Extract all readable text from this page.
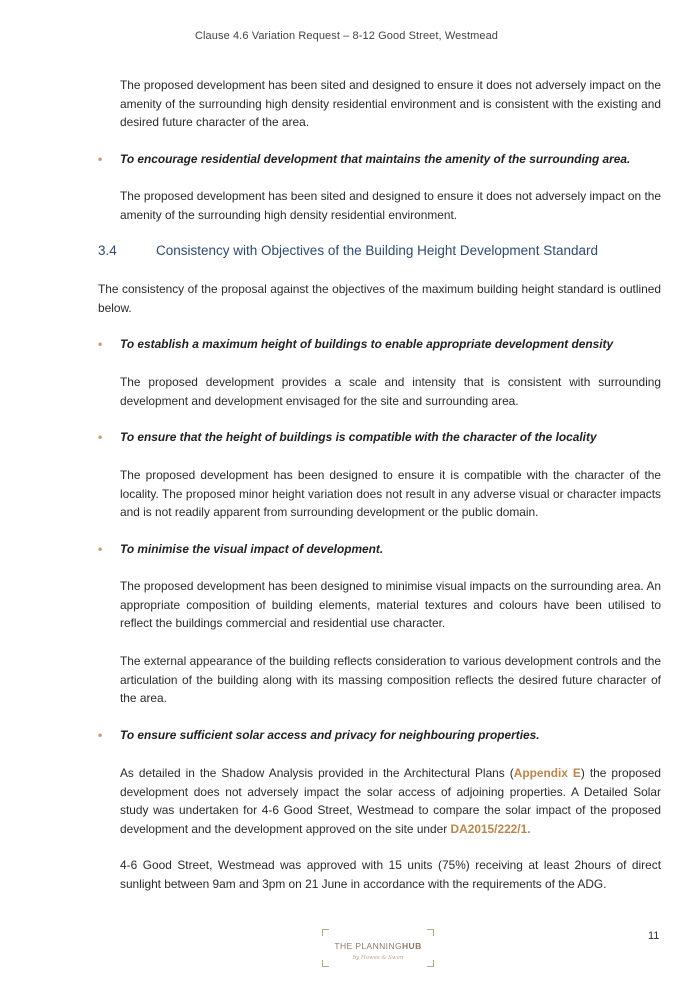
Clause 4.6 Variation Request – 8-12 Good Street, Westmead
The proposed development has been sited and designed to ensure it does not adversely impact on the amenity of the surrounding high density residential environment and is consistent with the existing and desired future character of the area.
• To encourage residential development that maintains the amenity of the surrounding area.
The proposed development has been sited and designed to ensure it does not adversely impact on the amenity of the surrounding high density residential environment.
3.4	Consistency with Objectives of the Building Height Development Standard
The consistency of the proposal against the objectives of the maximum building height standard is outlined below.
• To establish a maximum height of buildings to enable appropriate development density
The proposed development provides a scale and intensity that is consistent with surrounding development and development envisaged for the site and surrounding area.
• To ensure that the height of buildings is compatible with the character of the locality
The proposed development has been designed to ensure it is compatible with the character of the locality. The proposed minor height variation does not result in any adverse visual or character impacts and is not readily apparent from surrounding development or the public domain.
• To minimise the visual impact of development.
The proposed development has been designed to minimise visual impacts on the surrounding area. An appropriate composition of building elements, material textures and colours have been utilised to reflect the buildings commercial and residential use character.
The external appearance of the building reflects consideration to various development controls and the articulation of the building along with its massing composition reflects the desired future character of the area.
• To ensure sufficient solar access and privacy for neighbouring properties.
As detailed in the Shadow Analysis provided in the Architectural Plans (Appendix E) the proposed development does not adversely impact the solar access of adjoining properties. A Detailed Solar study was undertaken for 4-6 Good Street, Westmead to compare the solar impact of the proposed development and the development approved on the site under DA2015/222/1.
4-6 Good Street, Westmead was approved with 15 units (75%) receiving at least 2hours of direct sunlight between 9am and 3pm on 21 June in accordance with the requirements of the ADG.
THE PLANNINGHUB
by Hawes & Swan
11
